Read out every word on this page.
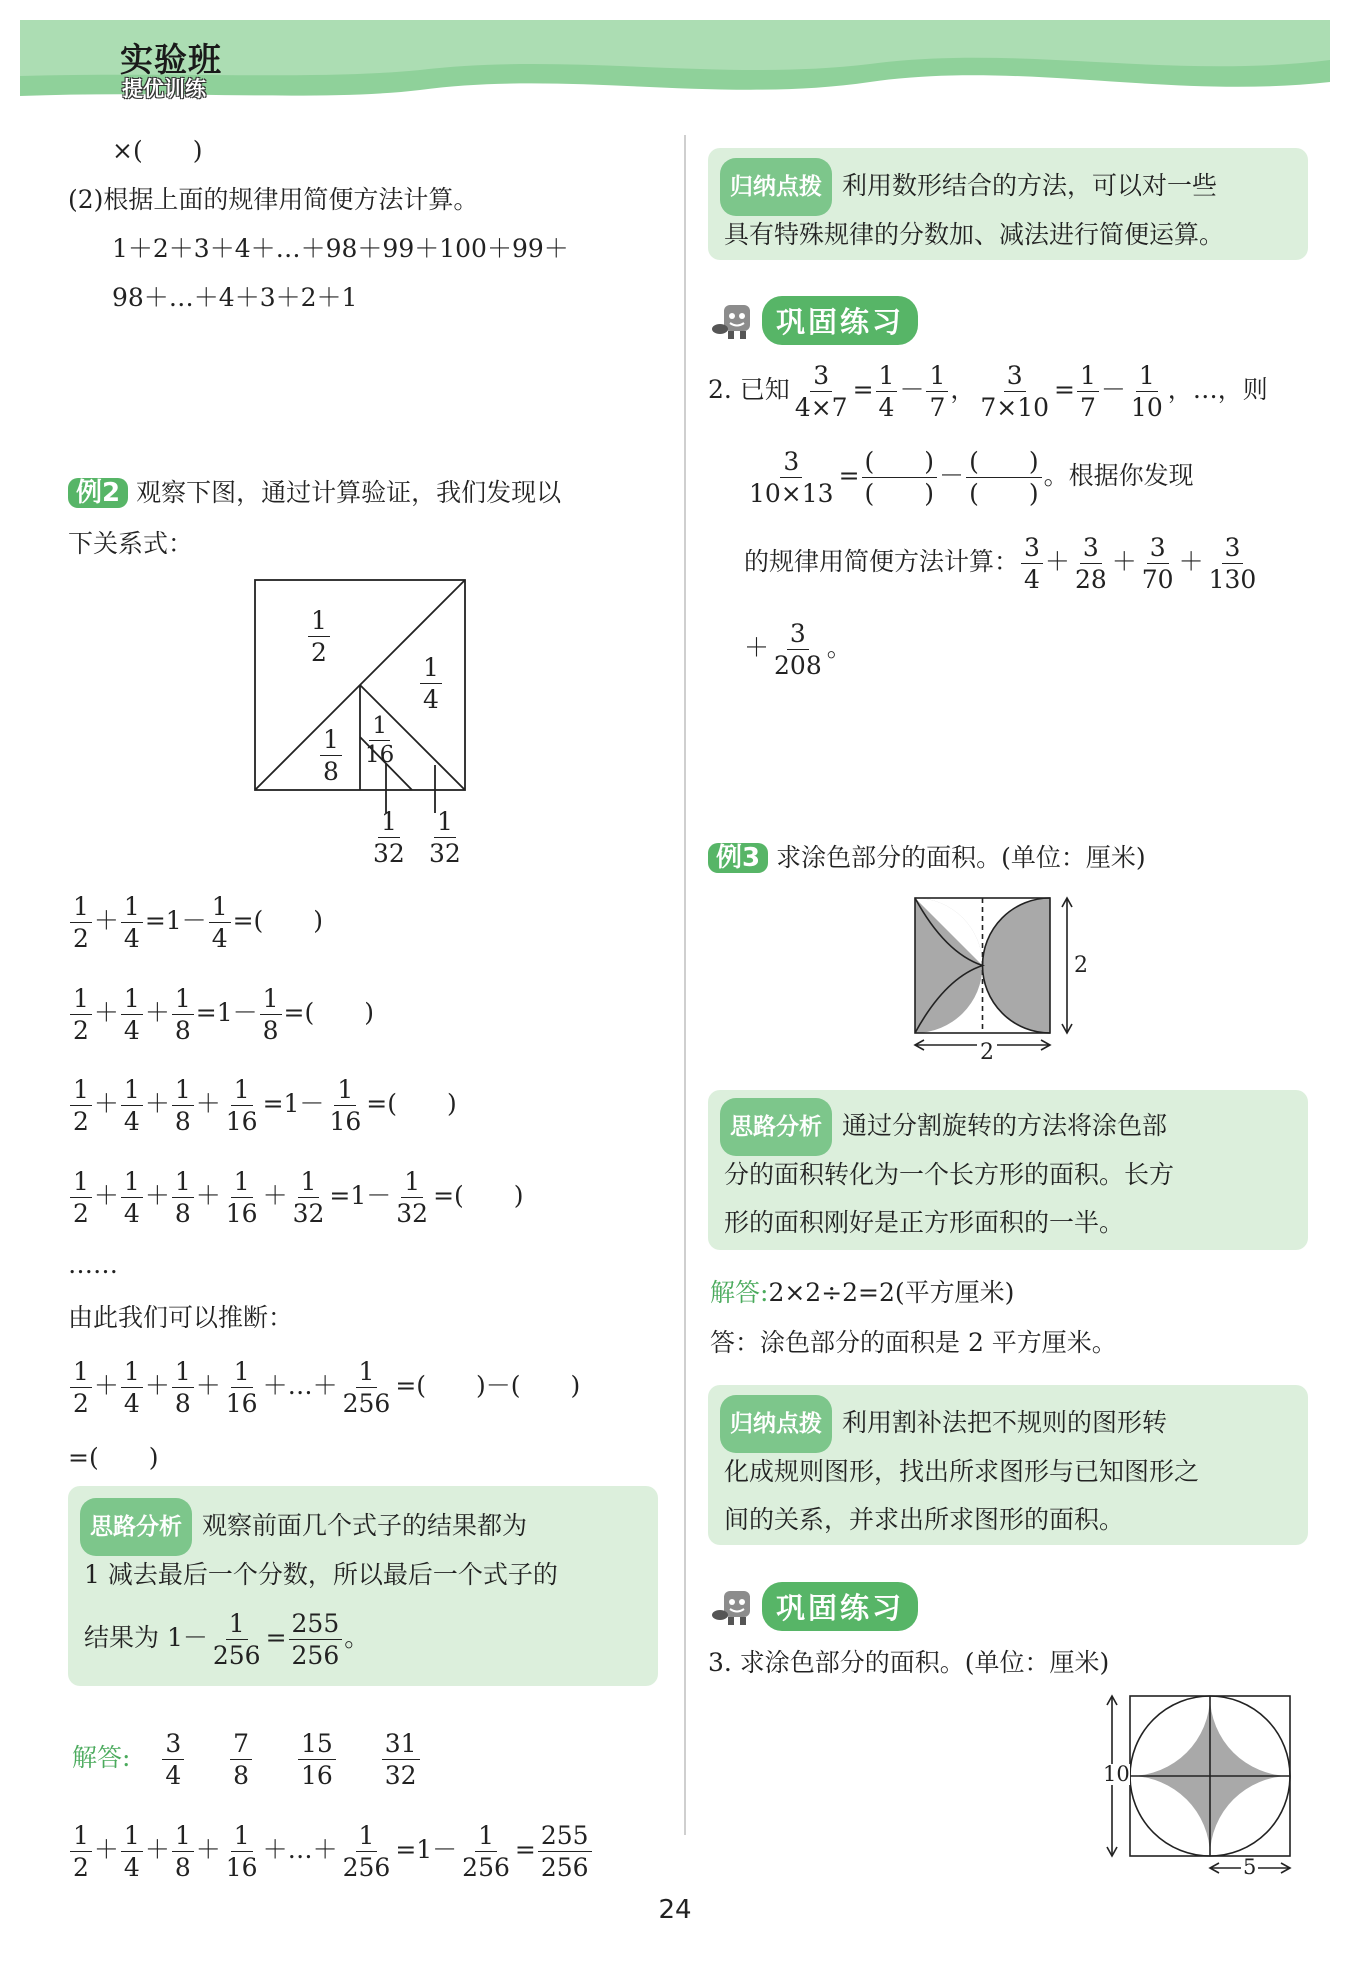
实验班
提优训练
×(　　)
(2)根据上面的规律用简便方法计算。
1＋2＋3＋4＋…＋98＋99＋100＋99＋
98＋…＋4＋3＋2＋1
例2 观察下图，通过计算验证，我们发现以
下关系式：
$\frac{1}{2}$
$\frac{1}{4}$
$\frac{1}{8} \frac{1}{16}$
$\frac{1}{32} \frac{1}{32}$
$\frac{1}{2} + \frac{1}{4} =1- \frac{1}{4}$ =(　　)
$\frac{1}{2} + \frac{1}{4} + \frac{1}{8} =1- \frac{1}{8}$ =(　　)
$\frac{1}{2} + \frac{1}{4} + \frac{1}{8} + \frac{1}{16} =1- \frac{1}{16}$ =(　　)
$\frac{1}{2} + \frac{1}{4} + \frac{1}{8} + \frac{1}{16} + \frac{1}{32} =1- \frac{1}{32}$ =(　　)
……
由此我们可以推断：
$\frac{1}{2} + \frac{1}{4} + \frac{1}{8} + \frac{1}{16}$ ＋…＋ $\frac{1}{256}$ =(　　)－(　　)
=(　　)
思路分析 观察前面几个式子的结果都为
1 减去最后一个分数，所以最后一个式子的
结果为 $1- \frac{1}{256} = \frac{255}{256}$ 。
解答: $\frac{3}{4}$
$\frac{7}{8}$
$\frac{15}{16}$
$\frac{31}{32}$
$\frac{1}{2} + \frac{1}{4} + \frac{1}{8} + \frac{1}{16}$ ＋…＋ $\frac{1}{256} =1- \frac{1}{256} = \frac{255}{256}$
归纳点拨 利用数形结合的方法，可以对一些
具有特殊规律的分数加、减法进行简便运算。
巩固练习
2. 已知 $\frac{3}{4\times 7} = \frac{1}{4} - \frac{1}{7}$ ， $\frac{3}{7\times 10} = \frac{1}{7} - \frac{1}{10}$ ，…，则
$\frac{3}{10\times 13} = \frac{( )}{( )} - \frac{( )}{( )}$ 。根据你发现
的规律用简便方法计算： $\frac{3}{4} + \frac{3}{28} + \frac{3}{70} + \frac{3}{130}$
＋ $\frac{3}{208}$ 。
例3 求涂色部分的面积。(单位：厘米)
2
2
思路分析 通过分割旋转的方法将涂色部
分的面积转化为一个长方形的面积。长方
形的面积刚好是正方形面积的一半。
解答:2×2÷2=2(平方厘米)
答：涂色部分的面积是 2 平方厘米。
归纳点拨 利用割补法把不规则的图形转
化成规则图形，找出所求图形与已知图形之
间的关系，并求出所求图形的面积。
巩固练习
3. 求涂色部分的面积。(单位：厘米)
10
5
24
